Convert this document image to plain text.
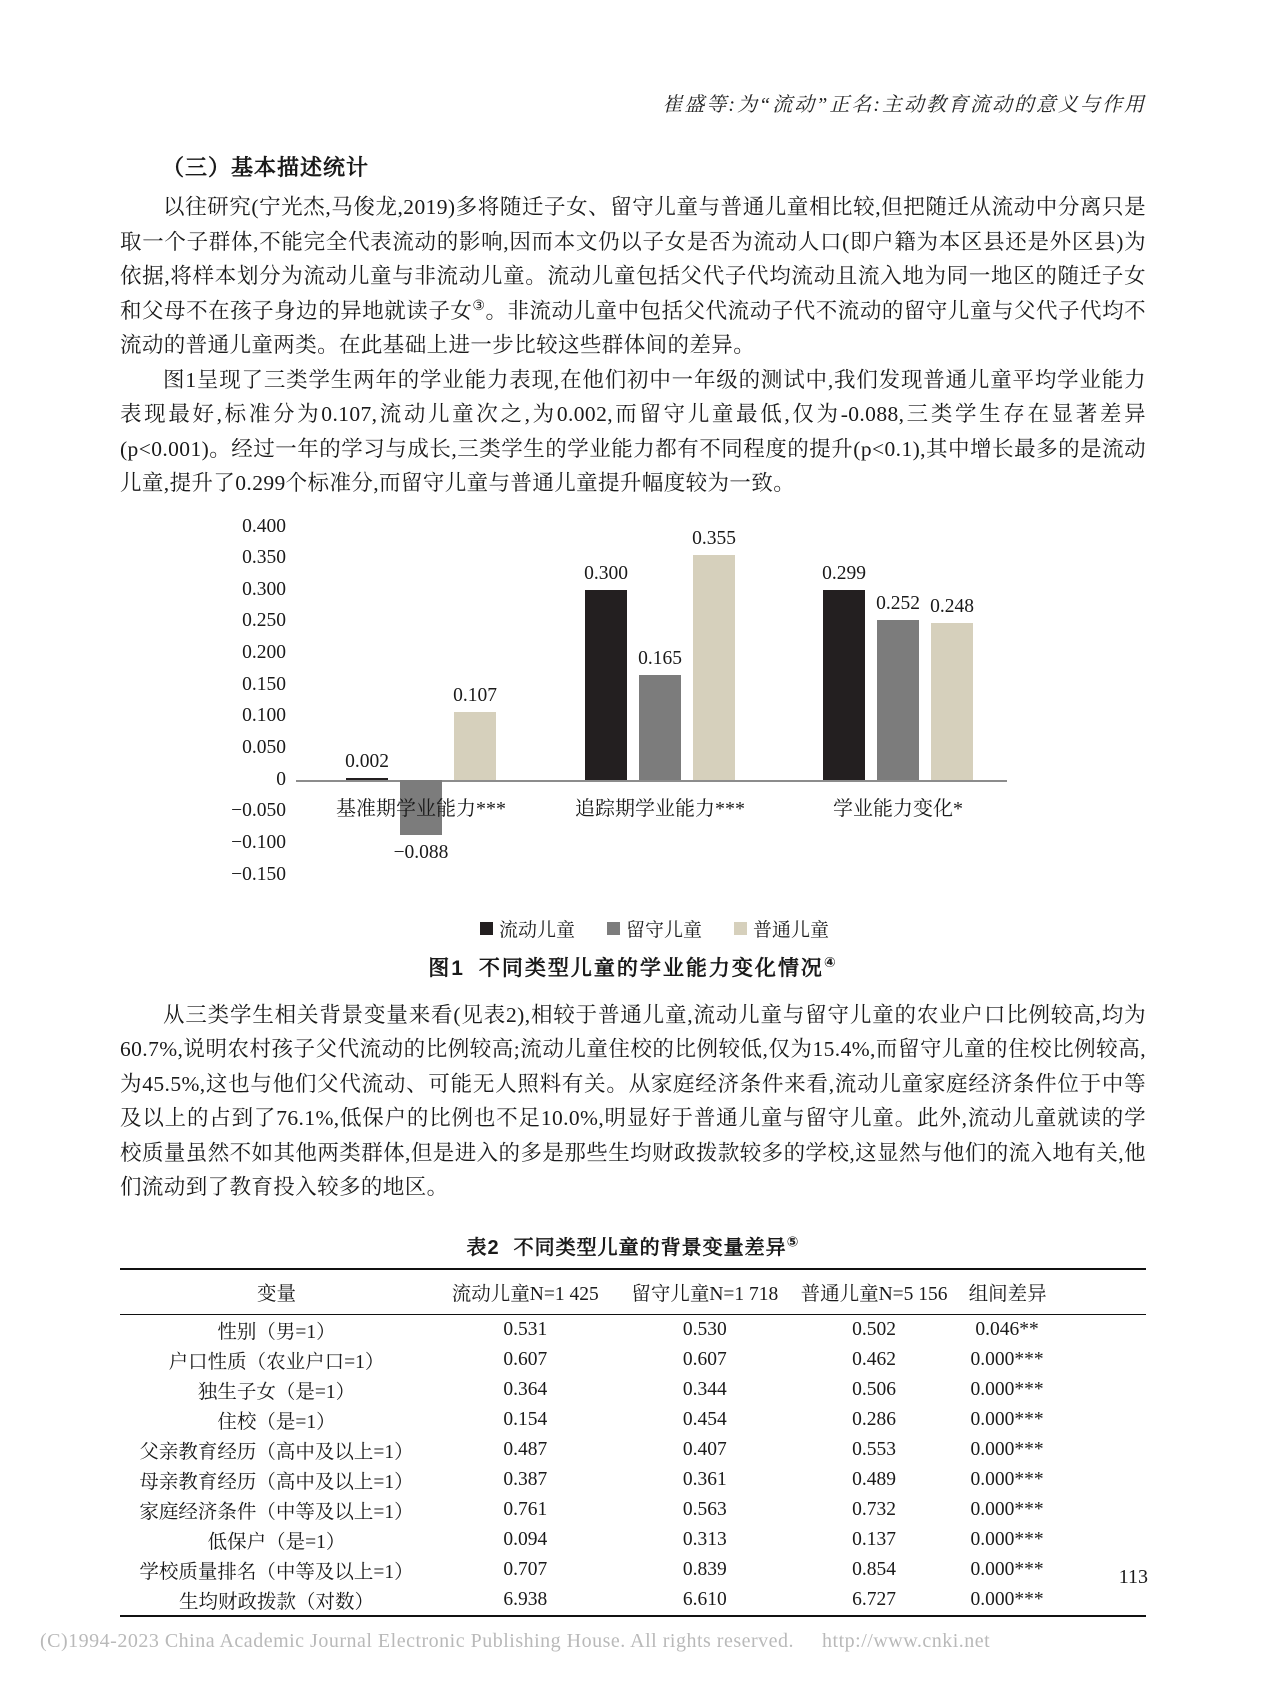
崔盛等:为“流动”正名:主动教育流动的意义与作用
（三）基本描述统计

以往研究(宁光杰,马俊龙,2019)多将随迁子女、留守儿童与普通儿童相比较,但把随迁从流动中分离只是取一个子群体,不能完全代表流动的影响,因而本文仍以子女是否为流动人口(即户籍为本区县还是外区县)为依据,将样本划分为流动儿童与非流动儿童。流动儿童包括父代子代均流动且流入地为同一地区的随迁子女和父母不在孩子身边的异地就读子女③。非流动儿童中包括父代流动子代不流动的留守儿童与父代子代均不流动的普通儿童两类。在此基础上进一步比较这些群体间的差异。

图1呈现了三类学生两年的学业能力表现,在他们初中一年级的测试中,我们发现普通儿童平均学业能力表现最好,标准分为0.107,流动儿童次之,为0.002,而留守儿童最低,仅为-0.088,三类学生存在显著差异(p<0.001)。经过一年的学习与成长,三类学生的学业能力都有不同程度的提升(p<0.1),其中增长最多的是流动儿童,提升了0.299个标准分,而留守儿童与普通儿童提升幅度较为一致。

0.400
0.350
0.300
0.250
0.200
0.150
0.100
0.050
0
−0.050
−0.100
−0.150
0.002
−0.088
0.107
基准期学业能力***
0.300
0.165
0.355
追踪期学业能力***
0.299
0.252 0.248
学业能力变化*
流动儿童	留守儿童	普通儿童
图1 不同类型儿童的学业能力变化情况④

从三类学生相关背景变量来看(见表2),相较于普通儿童,流动儿童与留守儿童的农业户口比例较高,均为60.7%,说明农村孩子父代流动的比例较高;流动儿童住校的比例较低,仅为15.4%,而留守儿童的住校比例较高,为45.5%,这也与他们父代流动、可能无人照料有关。从家庭经济条件来看,流动儿童家庭经济条件位于中等及以上的占到了76.1%,低保户的比例也不足10.0%,明显好于普通儿童与留守儿童。此外,流动儿童就读的学校质量虽然不如其他两类群体,但是进入的多是那些生均财政拨款较多的学校,这显然与他们的流入地有关,他们流动到了教育投入较多的地区。

表2 不同类型儿童的背景变量差异⑤
变量	流动儿童N=1 425	留守儿童N=1 718	普通儿童N=5 156	组间差异
性别（男=1）	0.531	0.530	0.502	0.046**
户口性质（农业户口=1）	0.607	0.607	0.462	0.000***
独生子女（是=1）	0.364	0.344	0.506	0.000***
住校（是=1）	0.154	0.454	0.286	0.000***
父亲教育经历（高中及以上=1）	0.487	0.407	0.553	0.000***
母亲教育经历（高中及以上=1）	0.387	0.361	0.489	0.000***
家庭经济条件（中等及以上=1）	0.761	0.563	0.732	0.000***
低保户（是=1）	0.094	0.313	0.137	0.000***
学校质量排名（中等及以上=1）	0.707	0.839	0.854	0.000***
生均财政拨款（对数）	6.938	6.610	6.727	0.000***
113
(C)1994-2023 China Academic Journal Electronic Publishing House. All rights reserved. http://www.cnki.net
